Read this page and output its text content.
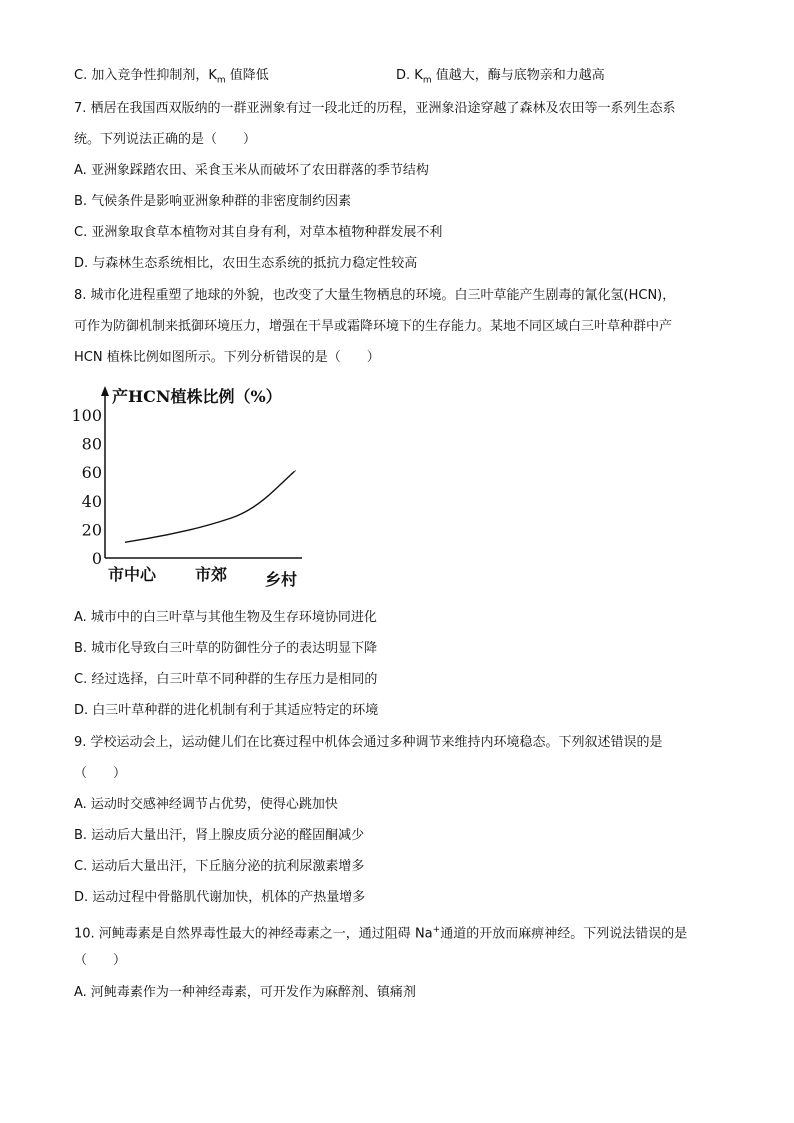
C. 加入竞争性抑制剂，$K_m$ 值降低	D. $K_m$ 值越大，酶与底物亲和力越高
7. 栖居在我国西双版纳的一群亚洲象有过一段北迁的历程，亚洲象沿途穿越了森林及农田等一系列生态系
统。下列说法正确的是（　　）
A. 亚洲象踩踏农田、采食玉米从而破坏了农田群落的季节结构
B. 气候条件是影响亚洲象种群的非密度制约因素
C. 亚洲象取食草本植物对其自身有利，对草本植物种群发展不利
D. 与森林生态系统相比，农田生态系统的抵抗力稳定性较高
8. 城市化进程重塑了地球的外貌，也改变了大量生物栖息的环境。白三叶草能产生剧毒的氰化氢(HCN)，
可作为防御机制来抵御环境压力，增强在干旱或霜降环境下的生存能力。某地不同区域白三叶草种群中产
HCN 植株比例如图所示。下列分析错误的是（　　）
产HCN植株比例（%）
0
20
40
60
80
100
市中心 市郊 乡村
A. 城市中的白三叶草与其他生物及生存环境协同进化
B. 城市化导致白三叶草的防御性分子的表达明显下降
C. 经过选择，白三叶草不同种群的生存压力是相同的
D. 白三叶草种群的进化机制有利于其适应特定的环境
9. 学校运动会上，运动健儿们在比赛过程中机体会通过多种调节来维持内环境稳态。下列叙述错误的是
（　　）
A. 运动时交感神经调节占优势，使得心跳加快
B. 运动后大量出汗，肾上腺皮质分泌的醛固酮减少
C. 运动后大量出汗，下丘脑分泌的抗利尿激素增多
D. 运动过程中骨骼肌代谢加快，机体的产热量增多
10. 河鲀毒素是自然界毒性最大的神经毒素之一，通过阻碍 Na+通道的开放而麻痹神经。下列说法错误的是
（　　）
A. 河鲀毒素作为一种神经毒素，可开发作为麻醉剂、镇痛剂
